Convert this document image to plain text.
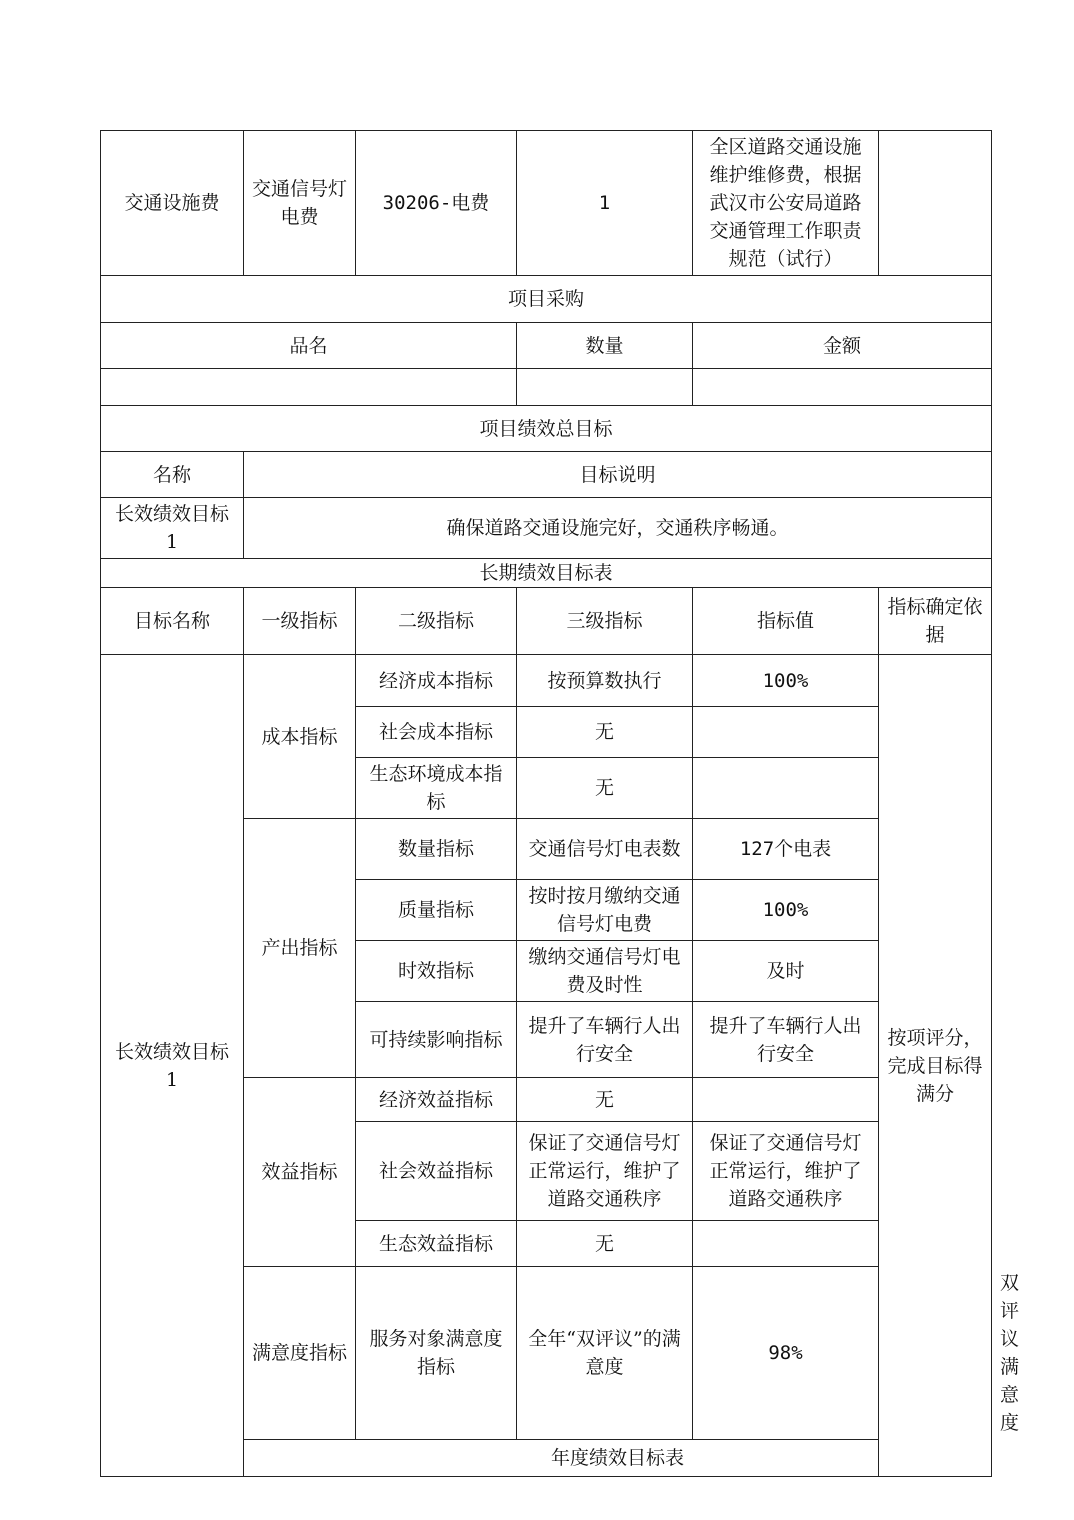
交通设施费	交通信号灯电费	30206-电费	1	全区道路交通设施维护维修费，根据武汉市公安局道路交通管理工作职责规范（试行）		
项目采购						
品名			数量	金额		

项目绩效总目标						
名称	目标说明					
长效绩效目标1	确保道路交通设施完好，交通秩序畅通。					
长期绩效目标表						
目标名称	一级指标	二级指标	三级指标	指标值	指标确定依据	
长效绩效目标1	成本指标	经济成本指标	按预算数执行	100%	按项评分，完成目标得满分	
		社会成本指标	无			
		生态环境成本指标	无			
	产出指标	数量指标	交通信号灯电表数	127个电表		
		质量指标	按时按月缴纳交通信号灯电费	100%		
		时效指标	缴纳交通信号灯电费及时性	及时		
		可持续影响指标	提升了车辆行人出行安全	提升了车辆行人出行安全		
	效益指标	经济效益指标	无			
		社会效益指标	保证了交通信号灯正常运行，维护了道路交通秩序	保证了交通信号灯正常运行，维护了道路交通秩序		
		生态效益指标	无			
	满意度指标	服务对象满意度指标	全年“双评议”的满意度	98%		双评议满意度
	年度绩效目标表					
